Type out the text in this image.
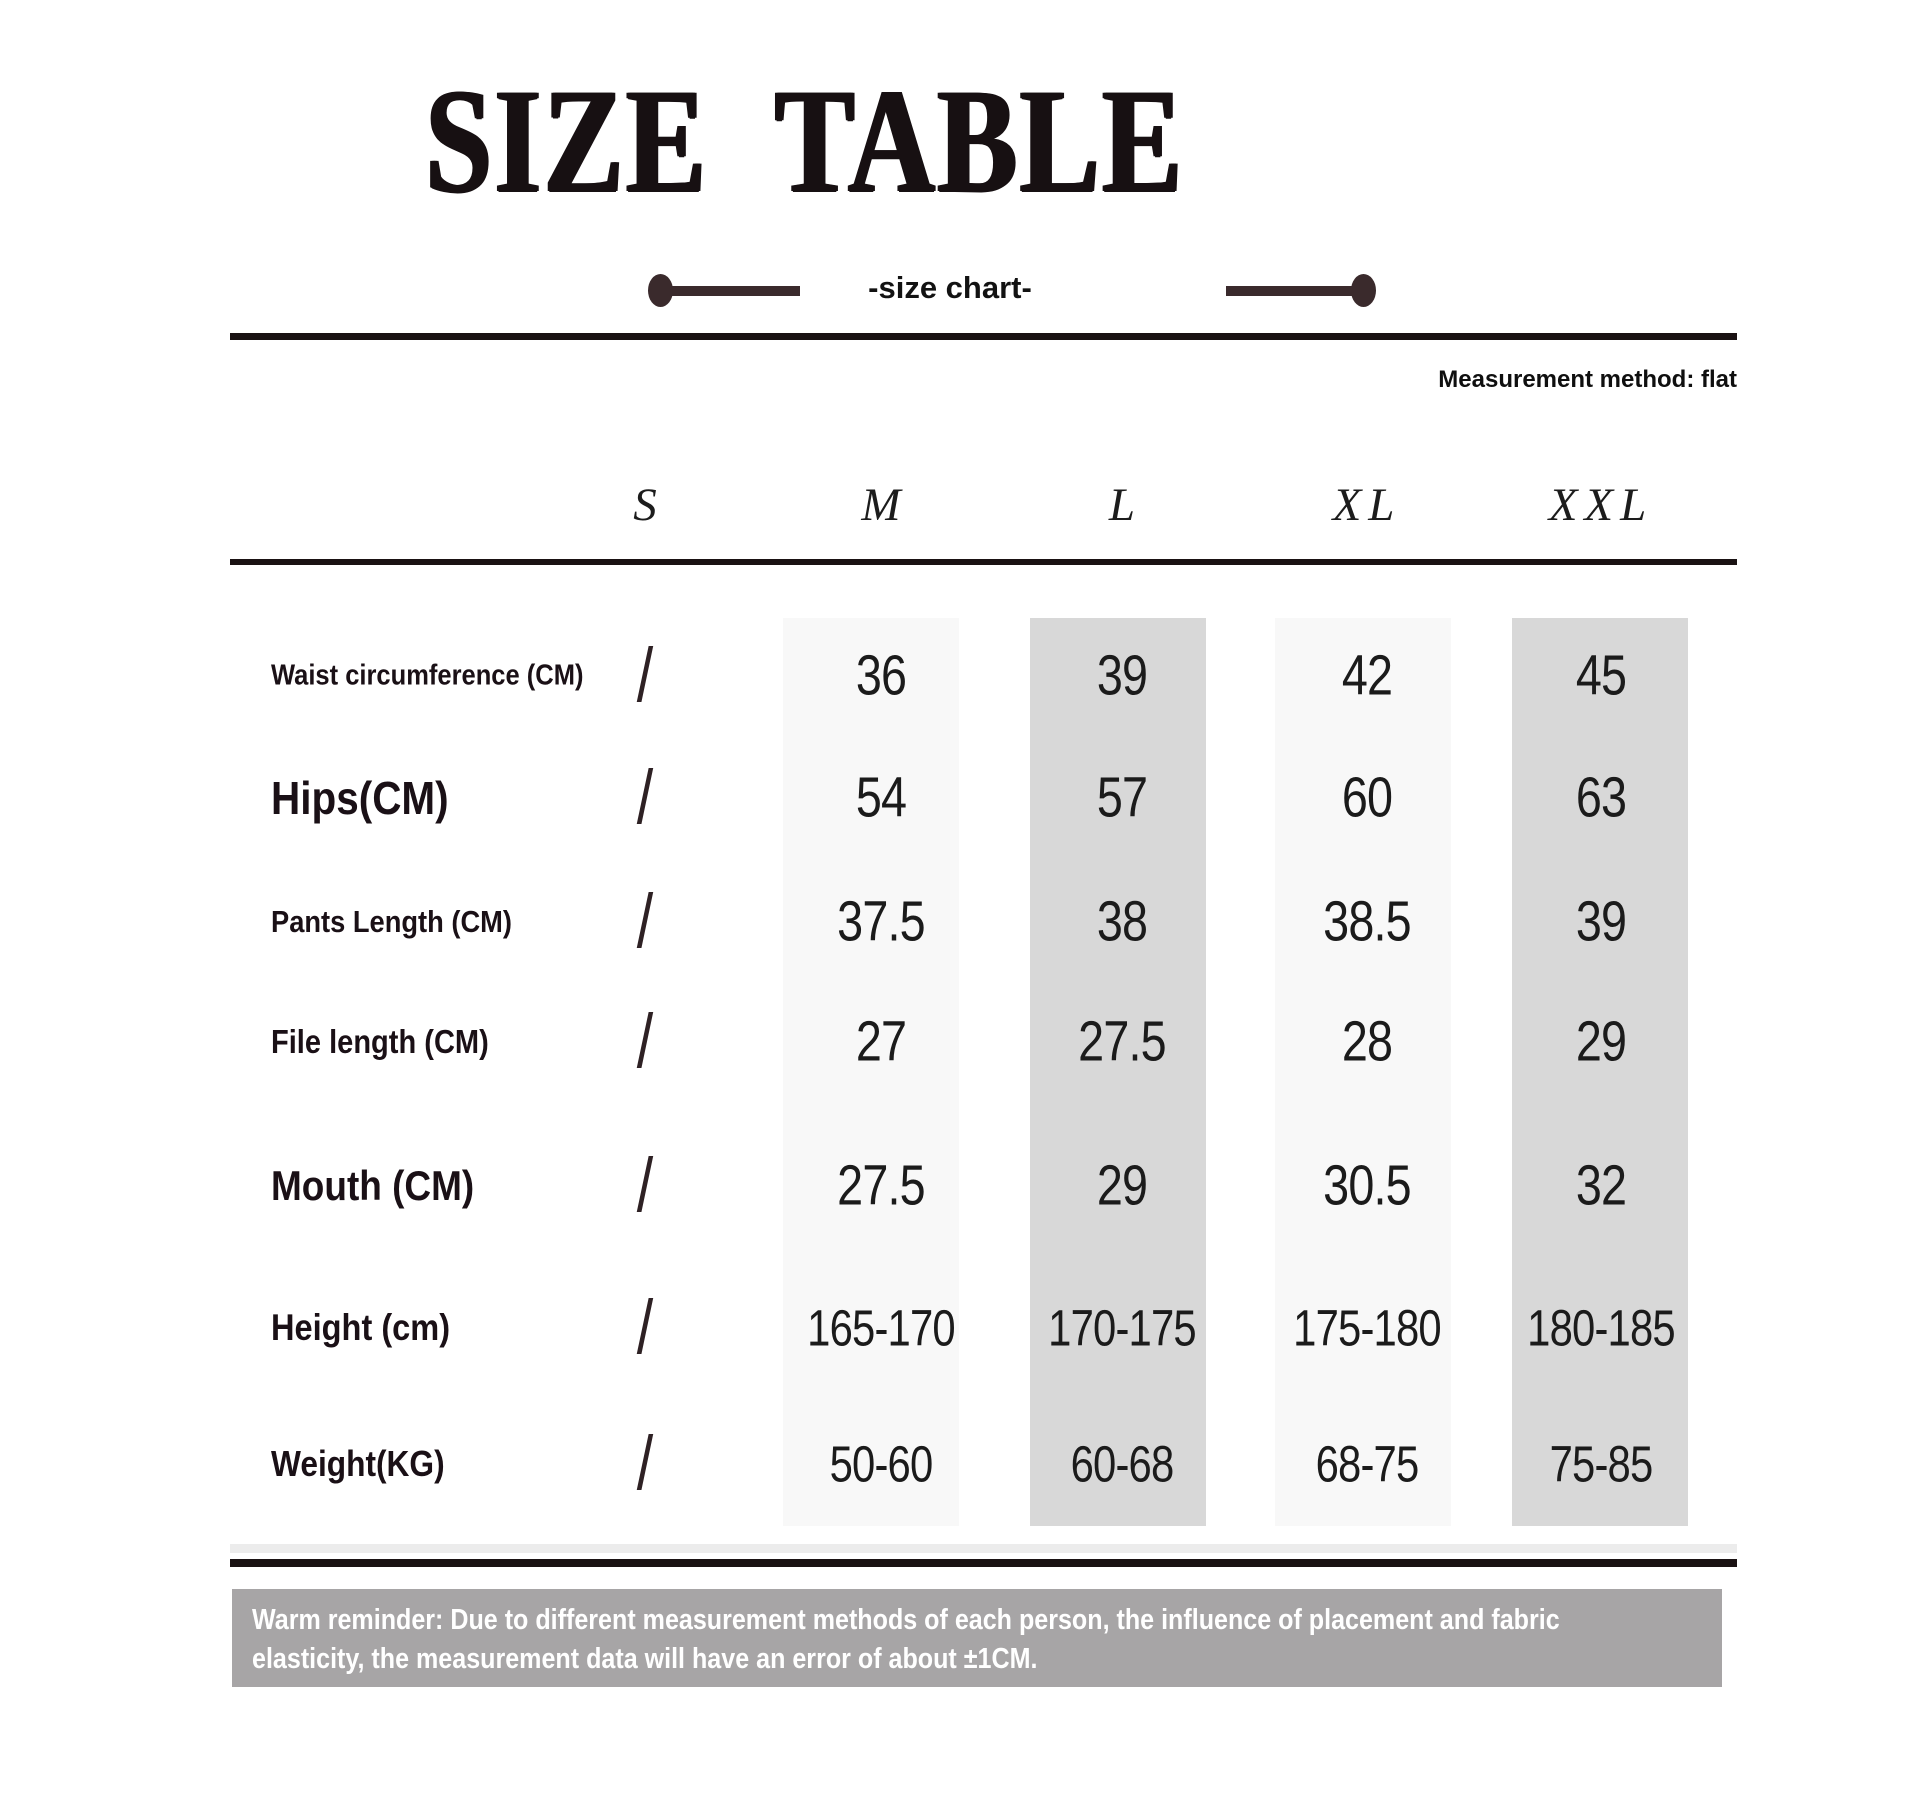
SIZE TABLE
-size chart-
Measurement method: flat
S	M	L	XL	XXL
Waist circumference (CM) /	36	39	42	45
Hips(CM) /	54	57	60	63
Pants Length (CM) /	37.5	38	38.5	39
File length (CM) /	27	27.5	28	29
Mouth (CM) /	27.5	29	30.5	32
Height (cm) /	165-170 170-175 175-180 180-185
Weight(KG)	/	50-60	60-68	68-75	75-85
Warm reminder: Due to different measurement methods of each person, the influence of placement and fabric
elasticity, the measurement data will have an error of about ±1CM.
